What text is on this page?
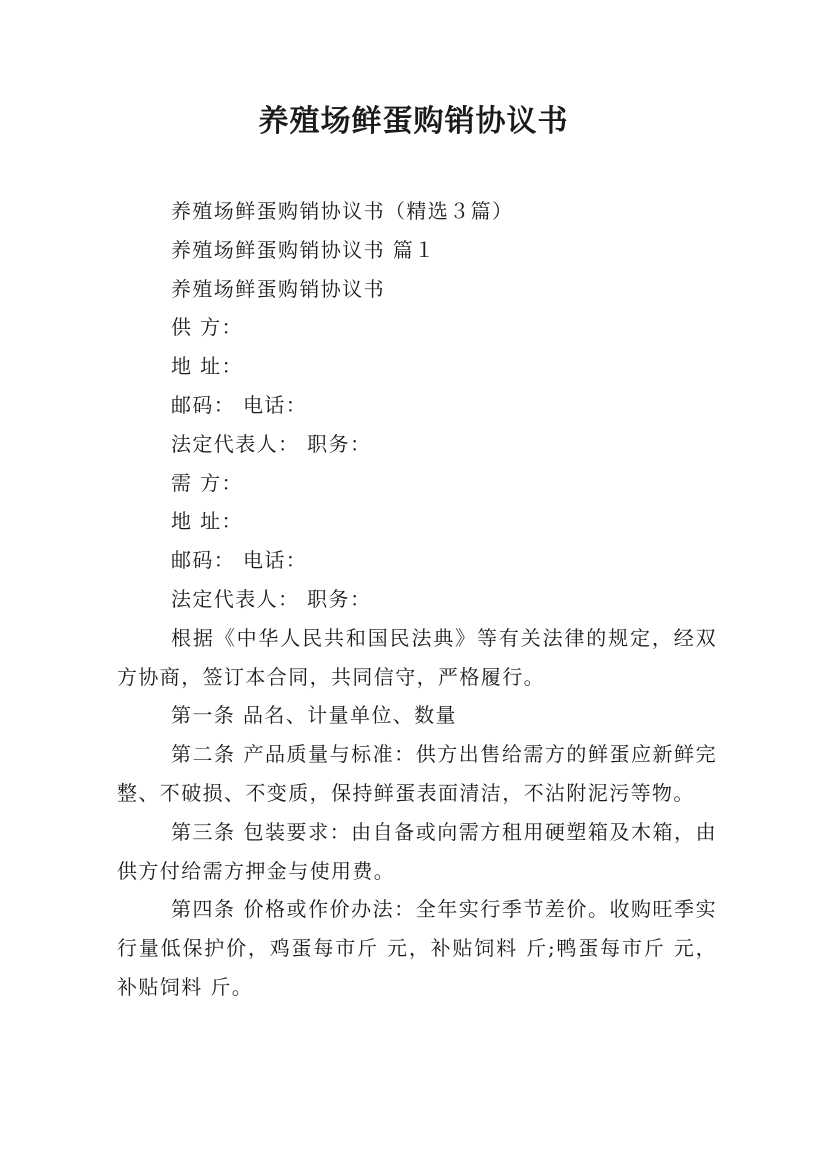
养殖场鲜蛋购销协议书
养殖场鲜蛋购销协议书（精选３篇）
养殖场鲜蛋购销协议书 篇１
养殖场鲜蛋购销协议书
供 方：
地 址：
邮码： 电话：
法定代表人： 职务：
需 方：
地 址：
邮码： 电话：
法定代表人： 职务：

根据《中华人民共和国民法典》等有关法律的规定，经双方协商，签订本合同，共同信守，严格履行。

第一条 品名、计量单位、数量

第二条 产品质量与标准：供方出售给需方的鲜蛋应新鲜完整、不破损、不变质，保持鲜蛋表面清洁，不沾附泥污等物。

第三条 包装要求：由自备或向需方租用硬塑箱及木箱，由供方付给需方押金与使用费。

第四条 价格或作价办法：全年实行季节差价。收购旺季实行量低保护价，鸡蛋每市斤 元，补贴饲料 斤;鸭蛋每市斤 元，补贴饲料 斤。
